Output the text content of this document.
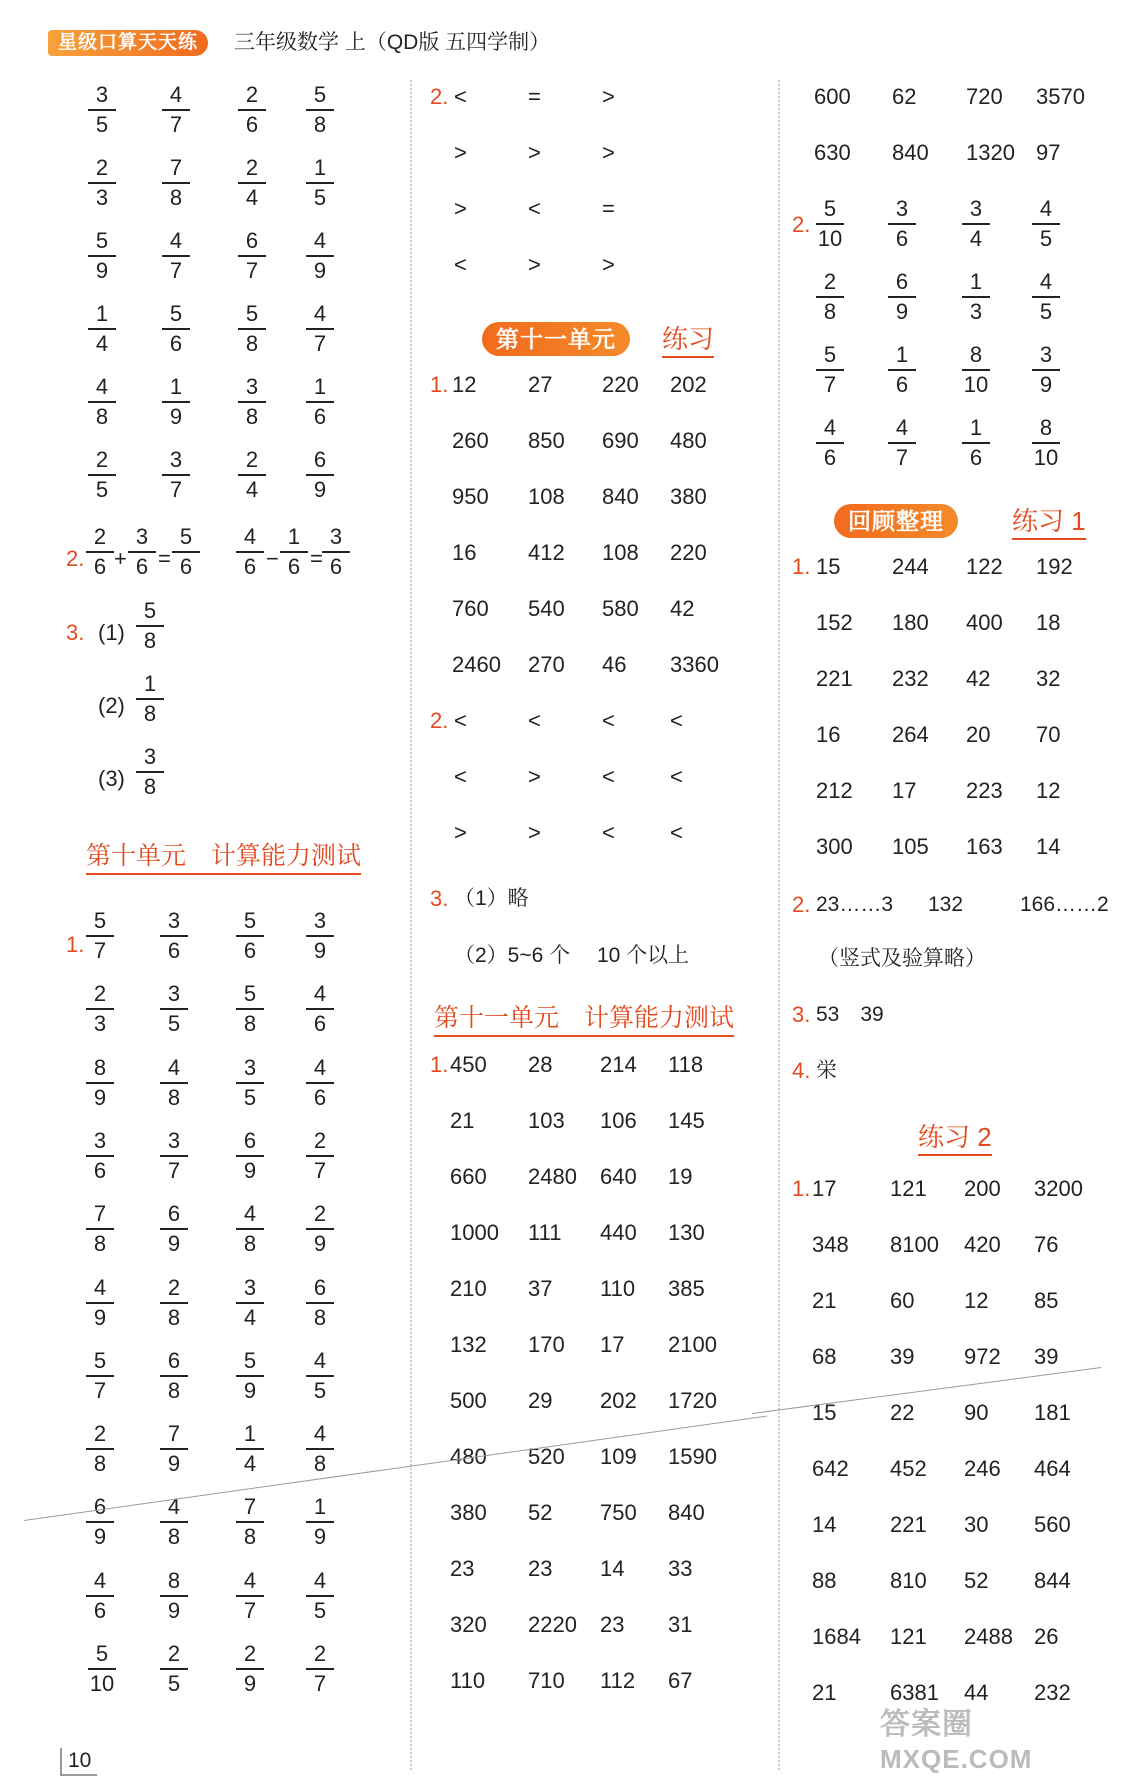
星级口算天天练	三年级数学 上（QD版 五四学制）
$\frac{3}{5} \frac{4}{7} \frac{2}{6} \frac{5}{8}$
$\frac{2}{3} \frac{7}{8} \frac{2}{4} \frac{1}{5}$
$\frac{5}{9} \frac{4}{7} \frac{6}{7} \frac{4}{9}$
$\frac{1}{4} \frac{5}{6} \frac{5}{8} \frac{4}{7}$
$\frac{4}{8} \frac{1}{9} \frac{3}{8} \frac{1}{6}$
$\frac{2}{5} \frac{3}{7} \frac{2}{4} \frac{6}{9}$
2. $\frac{2}{6} + \frac{3}{6} = \frac{5}{6} \frac{4}{6} - \frac{1}{6} = \frac{3}{6}$
3. $(1) \frac{5}{8}$
$(2) \frac{1}{8}$
$(3) \frac{3}{8}$
第十单元　计算能力测试
1. $\frac{5}{7} \frac{3}{6} \frac{5}{6} \frac{3}{9}$
$\frac{2}{3} \frac{3}{5} \frac{5}{8} \frac{4}{6}$
$\frac{8}{9} \frac{4}{8} \frac{3}{5} \frac{4}{6}$
$\frac{3}{6} \frac{3}{7} \frac{6}{9} \frac{2}{7}$
$\frac{7}{8} \frac{6}{9} \frac{4}{8} \frac{2}{9}$
$\frac{4}{9} \frac{2}{8} \frac{3}{4} \frac{6}{8}$
$\frac{5}{7} \frac{6}{8} \frac{5}{9} \frac{4}{5}$
$\frac{2}{8} \frac{7}{9} \frac{1}{4} \frac{4}{8}$
$\frac{6}{9} \frac{4}{8} \frac{7}{8} \frac{1}{9}$
$\frac{4}{6} \frac{8}{9} \frac{4}{7} \frac{4}{5}$
$\frac{5}{10} \frac{2}{5} \frac{2}{9} \frac{2}{7}$
2. <	=	>
>	>	>
>	<	=
<	>	>
第十一单元	练习
1. 12 27 220 202
260 850 690 480
950 108 840 380
16 412 108 220
760 540 580 42
2460 270 46 3360
2. <	<	<	<
<	>	<	<
>	>	<	<
3. （1）略
（2）5~6 个　 10 个以上
第十一单元　计算能力测试
1. 450 28 214 118
21 103 106 145
660 2480 640 19
1000 111 440 130
210 37 110 385
132 170 17 2100
500 29 202 1720
480 520 109 1590
380 52 750 840
23 23 14 33
320 2220 23 31
110 710 112 67
600 62 720 3570
630 840 1320 97
2. $\frac{5}{10} \frac{3}{6} \frac{3}{4} \frac{4}{5}$
$\frac{2}{8} \frac{6}{9} \frac{1}{3} \frac{4}{5}$
$\frac{5}{7} \frac{1}{6} \frac{8}{10} \frac{3}{9}$
$\frac{4}{6} \frac{4}{7} \frac{1}{6} \frac{8}{10}$
回顾整理	练习 1
1. 15 244 122 192
152 180 400 18
221 232 42 32
16 264 20 70
212 17 223 12
300 105 163 14
2. 23……3 132	166……2
（竖式及验算略）
3. 53　39
4. 栄
练习 2
1. 17 121 200 3200
348 8100 420 76
21 60 12 85
68 39 972 39
15 22 90 181
642 452 246 464
14 221 30 560
88 810 52 844
1684 121 2488 26
21 6381 44 232
10
答案圈
MXQE.COM
